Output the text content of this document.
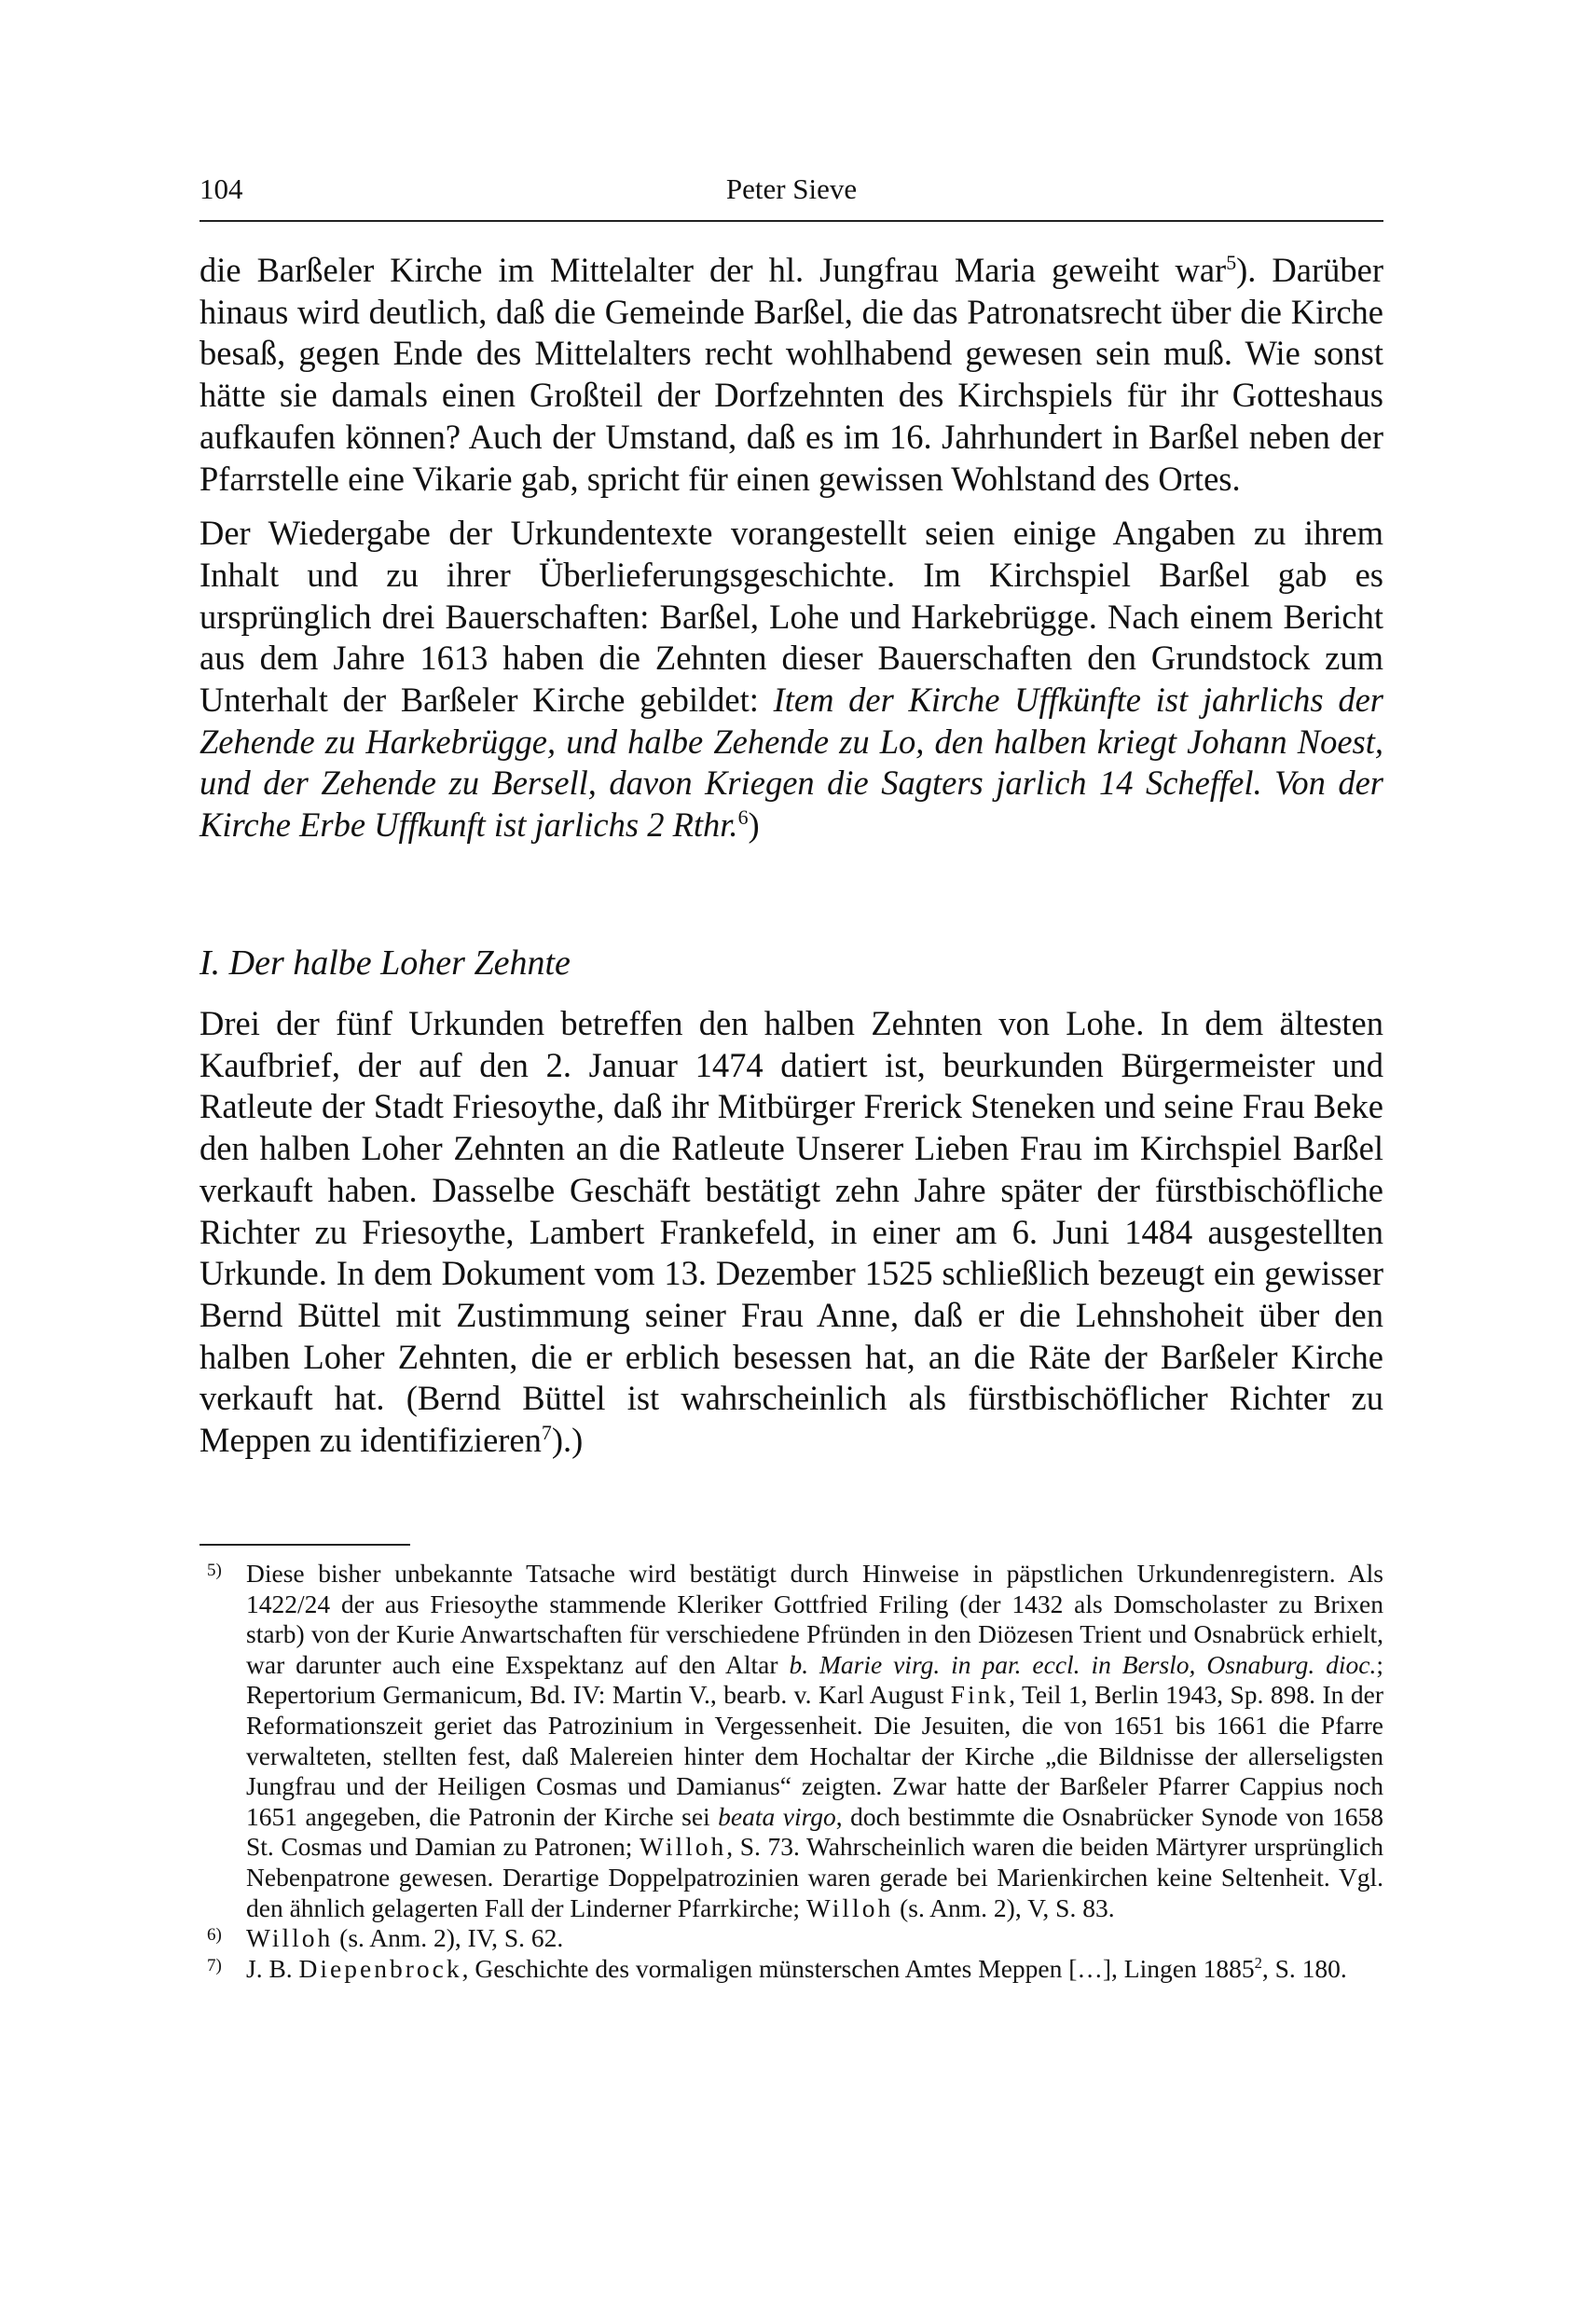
104	Peter Sieve

die Barßeler Kirche im Mittelalter der hl. Jungfrau Maria geweiht war$^5$). Darüber hinaus wird deutlich, daß die Gemeinde Barßel, die das Patronatsrecht über die Kirche besaß, gegen Ende des Mittelalters recht wohlhabend gewesen sein muß. Wie sonst hätte sie damals einen Großteil der Dorfzehnten des Kirchspiels für ihr Gotteshaus aufkaufen können? Auch der Umstand, daß es im 16. Jahrhundert in Barßel neben der Pfarrstelle eine Vikarie gab, spricht für einen gewissen Wohlstand des Ortes.

Der Wiedergabe der Urkundentexte vorangestellt seien einige Angaben zu ihrem Inhalt und zu ihrer Überlieferungsgeschichte. Im Kirchspiel Barßel gab es ursprünglich drei Bauerschaften: Barßel, Lohe und Harkebrügge. Nach einem Bericht aus dem Jahre 1613 haben die Zehnten dieser Bauerschaften den Grundstock zum Unterhalt der Barßeler Kirche gebildet: Item der Kirche Uffkünfte ist jahrlichs der Zehende zu Harkebrügge, und halbe Zehende zu Lo, den halben kriegt Johann Noest, und der Zehende zu Bersell, davon Kriegen die Sagters jarlich 14 Scheffel. Von der Kirche Erbe Uffkunft ist jarlichs 2 Rthr.$^6$)

I. Der halbe Loher Zehnte

Drei der fünf Urkunden betreffen den halben Zehnten von Lohe. In dem ältesten Kaufbrief, der auf den 2. Januar 1474 datiert ist, beurkunden Bürgermeister und Ratleute der Stadt Friesoythe, daß ihr Mitbürger Frerick Steneken und seine Frau Beke den halben Loher Zehnten an die Ratleute Unserer Lieben Frau im Kirchspiel Barßel verkauft haben. Dasselbe Geschäft bestätigt zehn Jahre später der fürstbischöfliche Richter zu Friesoythe, Lambert Frankefeld, in einer am 6. Juni 1484 ausgestellten Urkunde. In dem Dokument vom 13. Dezember 1525 schließlich bezeugt ein gewisser Bernd Büttel mit Zustimmung seiner Frau Anne, daß er die Lehnshoheit über den halben Loher Zehnten, die er erblich besessen hat, an die Räte der Barßeler Kirche verkauft hat. (Bernd Büttel ist wahrscheinlich als fürstbischöflicher Richter zu Meppen zu identifizieren$^7$).)

5) Diese bisher unbekannte Tatsache wird bestätigt durch Hinweise in päpstlichen Urkundenregistern. Als 1422/24 der aus Friesoythe stammende Kleriker Gottfried Friling (der 1432 als Domscholaster zu Brixen starb) von der Kurie Anwartschaften für verschiedene Pfründen in den Diözesen Trient und Osnabrück erhielt, war darunter auch eine Exspektanz auf den Altar b. Marie virg. in par. eccl. in Berslo, Osnaburg. dioc.; Repertorium Germanicum, Bd. IV: Martin V., bearb. v. Karl August Fink, Teil 1, Berlin 1943, Sp. 898. In der Reformationszeit geriet das Patrozinium in Vergessenheit. Die Jesuiten, die von 1651 bis 1661 die Pfarre verwalteten, stellten fest, daß Malereien hinter dem Hochaltar der Kirche „die Bildnisse der allerseligsten Jungfrau und der Heiligen Cosmas und Damianus“ zeigten. Zwar hatte der Barßeler Pfarrer Cappius noch 1651 angegeben, die Patronin der Kirche sei beata virgo, doch bestimmte die Osnabrücker Synode von 1658 St. Cosmas und Damian zu Patronen; Willoh, S. 73. Wahrscheinlich waren die beiden Märtyrer ursprünglich Nebenpatrone gewesen. Derartige Doppelpatrozinien waren gerade bei Marienkirchen keine Seltenheit. Vgl. den ähnlich gelagerten Fall der Linderner Pfarrkirche; Willoh (s. Anm. 2), V, S. 83.
6) Willoh (s. Anm. 2), IV, S. 62.
7) J. B. Diepenbrock, Geschichte des vormaligen münsterschen Amtes Meppen […], Lingen 1885$^2$, S. 180.
